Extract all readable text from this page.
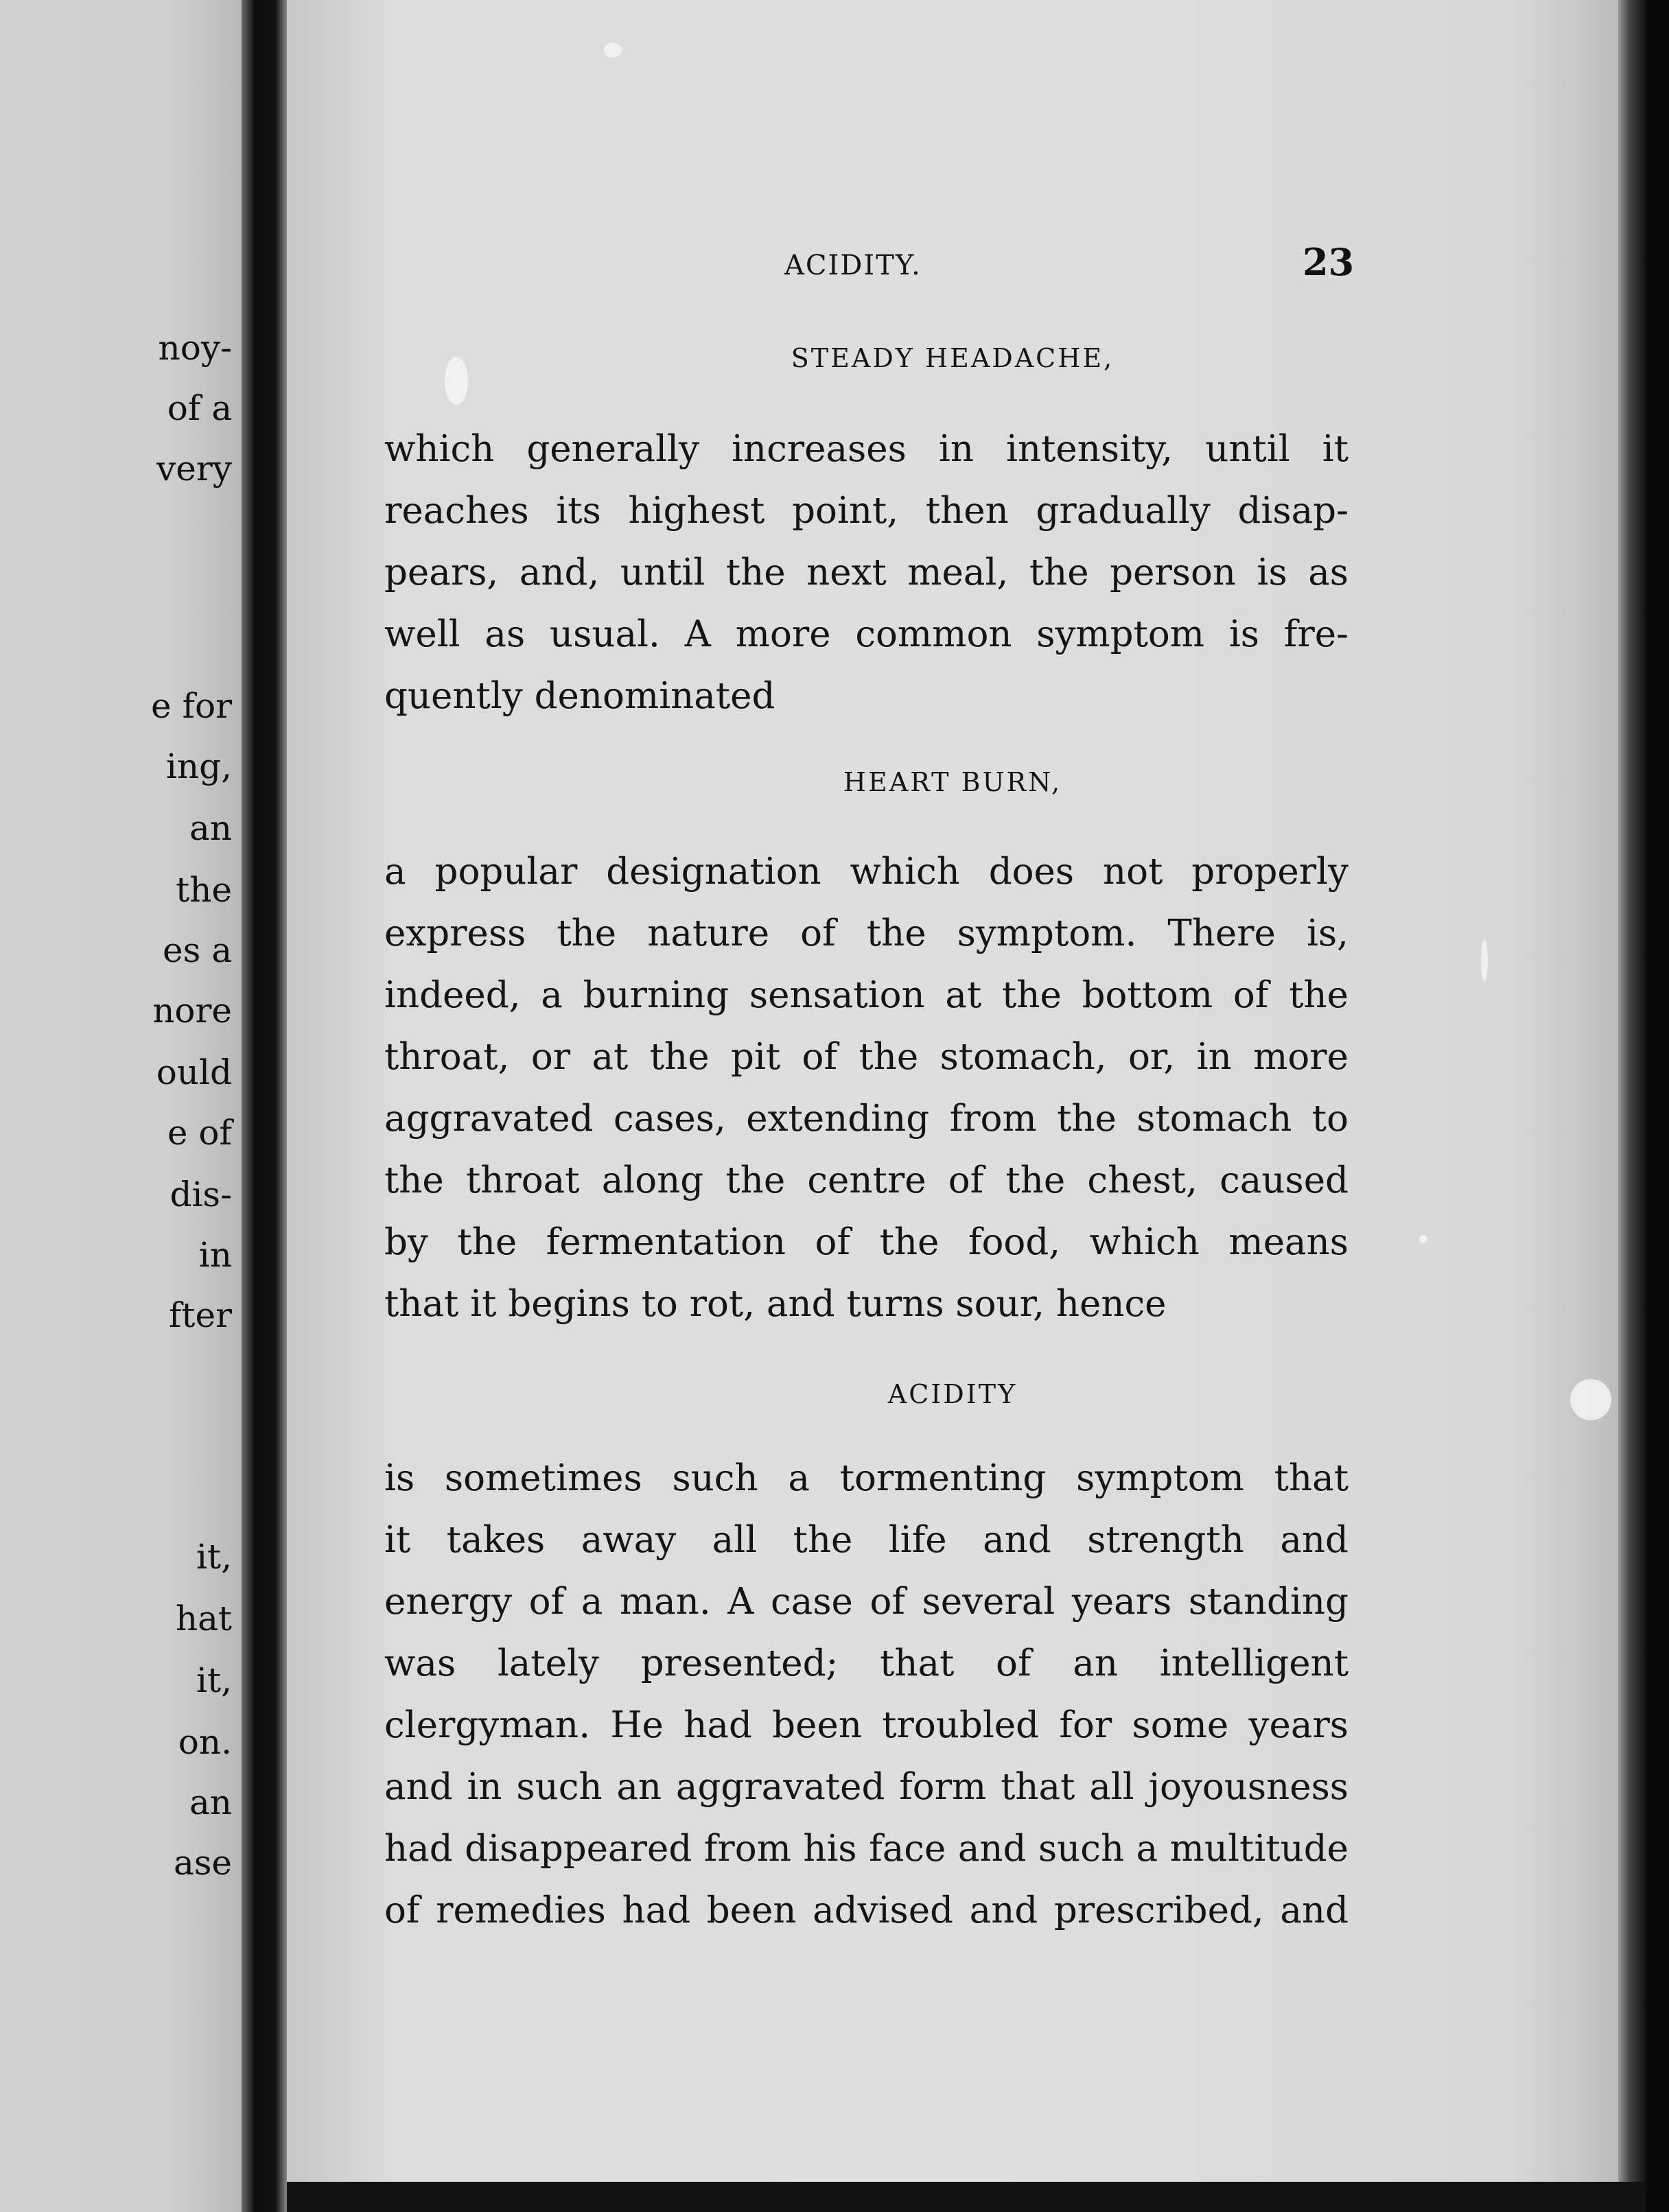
noy-
of a
very
e for
ing,
an
the
es a
nore
ould
e of
dis-
in
fter
it,
hat
it,
on.
an
ase
ACIDITY.	23
STEADY HEADACHE,
which generally increases in intensity, until it
reaches its highest point, then gradually disap-
pears, and, until the next meal, the person is as
well as usual. A more common symptom is fre-
quently denominated
HEART BURN,
a popular designation which does not properly
express the nature of the symptom. There is,
indeed, a burning sensation at the bottom of the
throat, or at the pit of the stomach, or, in more
aggravated cases, extending from the stomach to
the throat along the centre of the chest, caused
by the fermentation of the food, which means
that it begins to rot, and turns sour, hence
ACIDITY
is sometimes such a tormenting symptom that
it takes away all the life and strength and
energy of a man. A case of several years standing
was lately presented; that of an intelligent
clergyman. He had been troubled for some years
and in such an aggravated form that all joyousness
had disappeared from his face and such a multitude
of remedies had been advised and prescribed, and
